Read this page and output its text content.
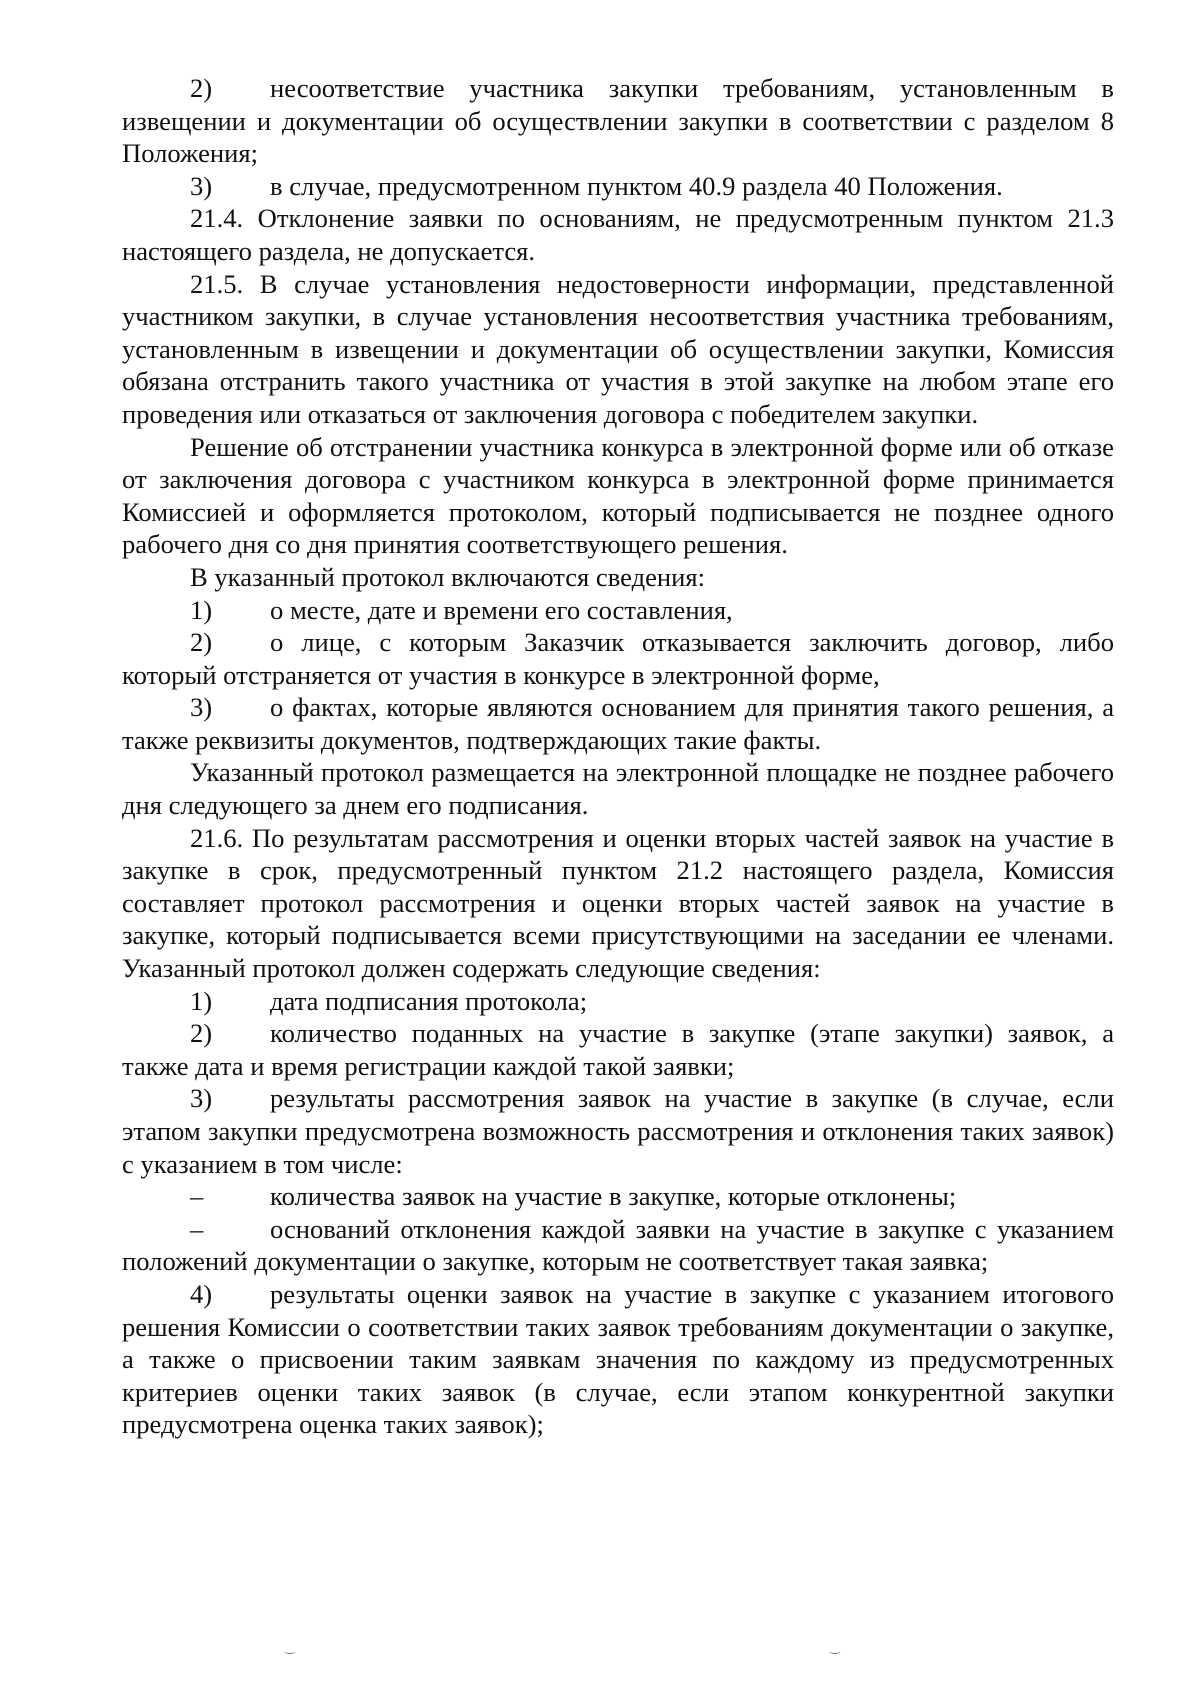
2) несоответствие участника закупки требованиям, установленным в извещении и документации об осуществлении закупки в соответствии с разделом 8 Положения;

3) в случае, предусмотренном пунктом 40.9 раздела 40 Положения.

21.4. Отклонение заявки по основаниям, не предусмотренным пунктом 21.3 настоящего раздела, не допускается.

21.5. В случае установления недостоверности информации, представленной участником закупки, в случае установления несоответствия участника требованиям, установленным в извещении и документации об осуществлении закупки, Комиссия обязана отстранить такого участника от участия в этой закупке на любом этапе его проведения или отказаться от заключения договора с победителем закупки.

Решение об отстранении участника конкурса в электронной форме или об отказе от заключения договора с участником конкурса в электронной форме принимается Комиссией и оформляется протоколом, который подписывается не позднее одного рабочего дня со дня принятия соответствующего решения.

В указанный протокол включаются сведения:

1) о месте, дате и времени его составления,

2) о лице, с которым Заказчик отказывается заключить договор, либо который отстраняется от участия в конкурсе в электронной форме,

3) о фактах, которые являются основанием для принятия такого решения, а также реквизиты документов, подтверждающих такие факты.

Указанный протокол размещается на электронной площадке не позднее рабочего дня следующего за днем его подписания.

21.6. По результатам рассмотрения и оценки вторых частей заявок на участие в закупке в срок, предусмотренный пунктом 21.2 настоящего раздела, Комиссия составляет протокол рассмотрения и оценки вторых частей заявок на участие в закупке, который подписывается всеми присутствующими на заседании ее членами. Указанный протокол должен содержать следующие сведения:

1) дата подписания протокола;

2) количество поданных на участие в закупке (этапе закупки) заявок, а также дата и время регистрации каждой такой заявки;

3) результаты рассмотрения заявок на участие в закупке (в случае, если этапом закупки предусмотрена возможность рассмотрения и отклонения таких заявок) с указанием в том числе:

–	количества заявок на участие в закупке, которые отклонены;

–	оснований отклонения каждой заявки на участие в закупке с указанием положений документации о закупке, которым не соответствует такая заявка;

4) результаты оценки заявок на участие в закупке с указанием итогового решения Комиссии о соответствии таких заявок требованиям документации о закупке, а также о присвоении таким заявкам значения по каждому из предусмотренных критериев оценки таких заявок (в случае, если этапом конкурентной закупки предусмотрена оценка таких заявок);

‿	‿
